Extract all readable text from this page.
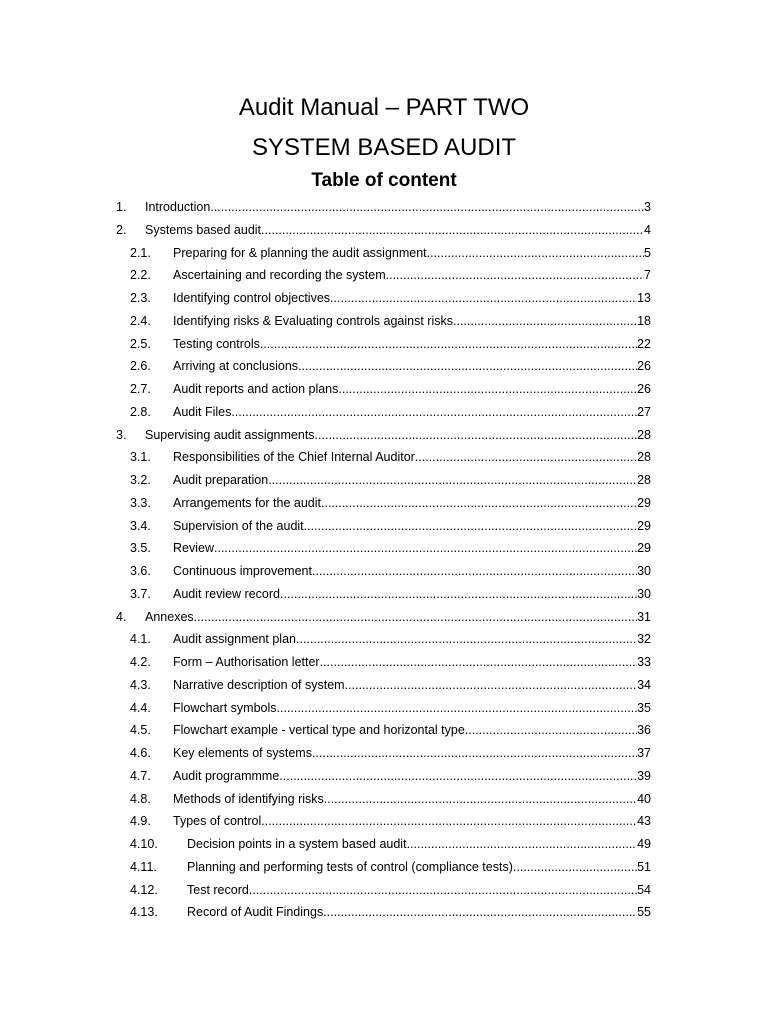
Audit Manual – PART TWO
SYSTEM BASED AUDIT
Table of content
1. Introduction .....	3
2. Systems based audit .....	4
2.1. Preparing for & planning the audit assignment .....	5
2.2. Ascertaining and recording the system .....	7
2.3. Identifying control objectives .....	13
2.4. Identifying risks & Evaluating controls against risks .....	18
2.5. Testing controls .....	22
2.6. Arriving at conclusions .....	26
2.7. Audit reports and action plans .....	26
2.8. Audit Files .....	27
3. Supervising audit assignments .....	28
3.1. Responsibilities of the Chief Internal Auditor .....	28
3.2. Audit preparation .....	28
3.3. Arrangements for the audit .....	29
3.4. Supervision of the audit .....	29
3.5. Review .....	29
3.6. Continuous improvement .....	30
3.7. Audit review record .....	30
4. Annexes .....	31
4.1. Audit assignment plan .....	32
4.2. Form – Authorisation letter .....	33
4.3. Narrative description of system .....	34
4.4. Flowchart symbols .....	35
4.5. Flowchart example - vertical type and horizontal type .....	36
4.6. Key elements of systems .....	37
4.7. Audit programmme .....	39
4.8. Methods of identifying risks .....	40
4.9. Types of control .....	43
4.10. Decision points in a system based audit .....	49
4.11. Planning and performing tests of control (compliance tests) .....	51
4.12. Test record .....	54
4.13. Record of Audit Findings .....	55
